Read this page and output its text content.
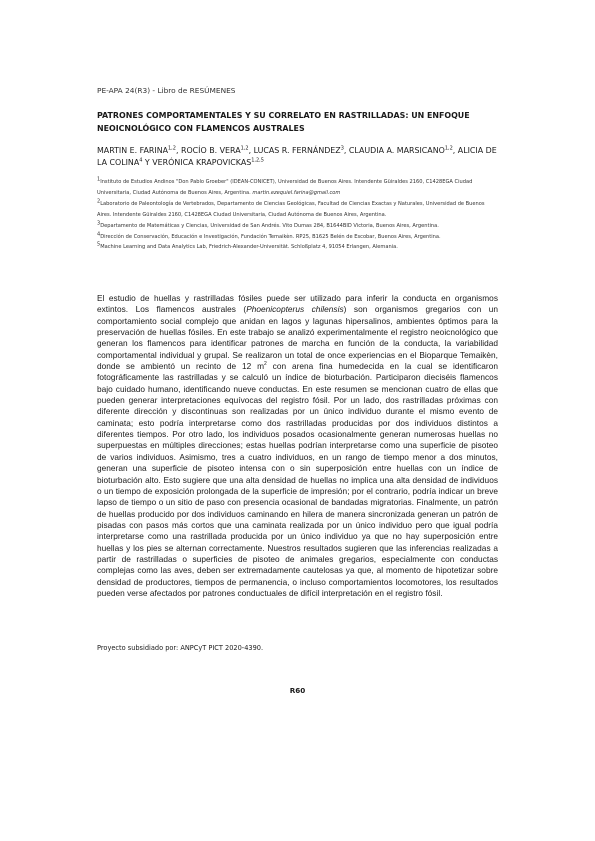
PE-APA 24(R3) - Libro de RESÚMENES
PATRONES COMPORTAMENTALES Y SU CORRELATO EN RASTRILLADAS: UN ENFOQUE NEOICNOLÓGICO CON FLAMENCOS AUSTRALES

MARTIN E. FARINA$^{1,2}$, ROCÍO B. VERA$^{1,2}$, LUCAS R. FERNÁNDEZ$^3$, CLAUDIA A. MARSICANO$^{1,2}$, ALICIA DE LA COLINA$^4$ Y VERÓNICA KRAPOVICKAS$^{1,2,5}$

$^1$Instituto de Estudios Andinos "Don Pablo Groeber" (IDEAN-CONICET), Universidad de Buenos Aires. Intendente Güiraldes 2160, C1428EGA Ciudad Universitaria, Ciudad Autónoma de Buenos Aires, Argentina. martin.ezequiel.farina@gmail.com

$^2$Laboratorio de Paleontología de Vertebrados, Departamento de Ciencias Geológicas, Facultad de Ciencias Exactas y Naturales, Universidad de Buenos Aires. Intendente Güiraldes 2160, C1428EGA Ciudad Universitaria, Ciudad Autónoma de Buenos Aires, Argentina.

$^3$Departamento de Matemáticas y Ciencias, Universidad de San Andrés. Vito Dumas 284, B1644BID Victoria, Buenos Aires, Argentina.

$^4$Dirección de Conservación, Educación e Investigación, Fundación Temaikèn. RP25, B1625 Belén de Escobar, Buenos Aires, Argentina.

$^5$Machine Learning and Data Analytics Lab, Friedrich-Alexander-Universität. Schloßplatz 4, 91054 Erlangen, Alemania.

El estudio de huellas y rastrilladas fósiles puede ser utilizado para inferir la conducta en organismos extintos. Los flamencos australes (Phoenicopterus chilensis) son organismos gregarios con un comportamiento social complejo que anidan en lagos y lagunas hipersalinos, ambientes óptimos para la preservación de huellas fósiles. En este trabajo se analizó experimentalmente el registro neoicnológico que generan los flamencos para identificar patrones de marcha en función de la conducta, la variabilidad comportamental individual y grupal. Se realizaron un total de once experiencias en el Bioparque Temaikèn, donde se ambientó un recinto de 12 $m^2$ con arena fina humedecida en la cual se identificaron fotográficamente las rastrilladas y se calculó un índice de bioturbación. Participaron dieciséis flamencos bajo cuidado humano, identificando nueve conductas. En este resumen se mencionan cuatro de ellas que pueden generar interpretaciones equívocas del registro fósil. Por un lado, dos rastrilladas próximas con diferente dirección y discontinuas son realizadas por un único individuo durante el mismo evento de caminata; esto podría interpretarse como dos rastrilladas producidas por dos individuos distintos a diferentes tiempos. Por otro lado, los individuos posados ocasionalmente generan numerosas huellas no superpuestas en múltiples direcciones; estas huellas podrían interpretarse como una superficie de pisoteo de varios individuos. Asimismo, tres a cuatro individuos, en un rango de tiempo menor a dos minutos, generan una superficie de pisoteo intensa con o sin superposición entre huellas con un índice de bioturbación alto. Esto sugiere que una alta densidad de huellas no implica una alta densidad de individuos o un tiempo de exposición prolongada de la superficie de impresión; por el contrario, podría indicar un breve lapso de tiempo o un sitio de paso con presencia ocasional de bandadas migratorias. Finalmente, un patrón de huellas producido por dos individuos caminando en hilera de manera sincronizada generan un patrón de pisadas con pasos más cortos que una caminata realizada por un único individuo pero que igual podría interpretarse como una rastrillada producida por un único individuo ya que no hay superposición entre huellas y los pies se alternan correctamente. Nuestros resultados sugieren que las inferencias realizadas a partir de rastrilladas o superficies de pisoteo de animales gregarios, especialmente con conductas complejas como las aves, deben ser extremadamente cautelosas ya que, al momento de hipotetizar sobre densidad de productores, tiempos de permanencia, o incluso comportamientos locomotores, los resultados pueden verse afectados por patrones conductuales de difícil interpretación en el registro fósil.

Proyecto subsidiado por: ANPCyT PICT 2020-4390.

R60
